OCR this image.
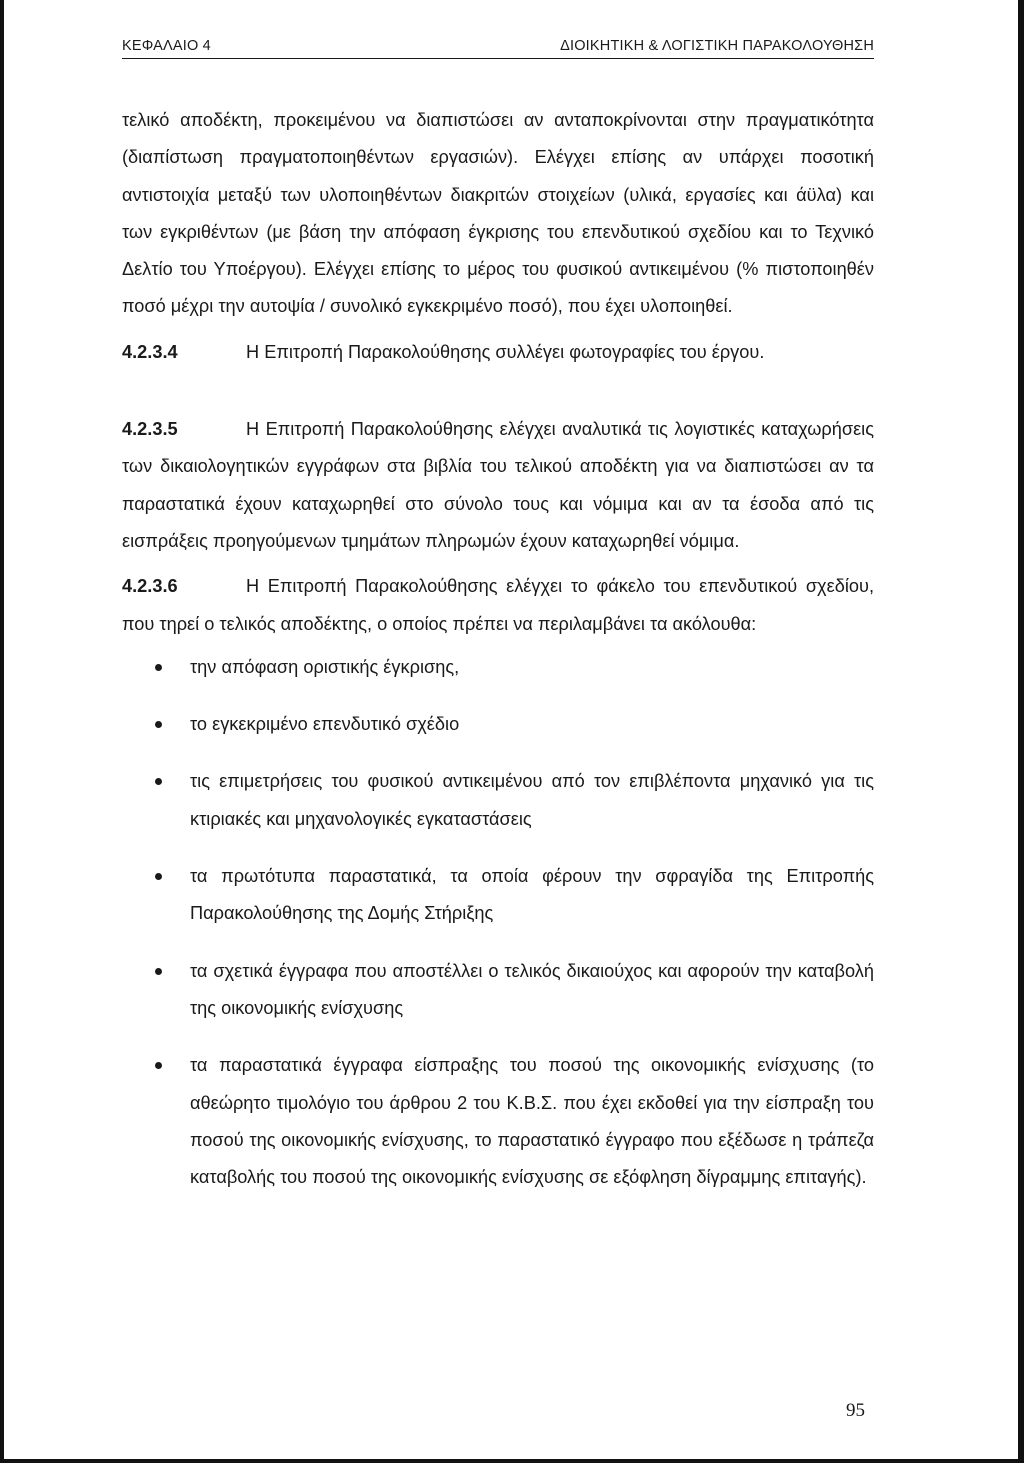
ΚΕΦΑΛΑΙΟ 4	ΔΙΟΙΚΗΤΙΚΗ & ΛΟΓΙΣΤΙΚΗ ΠΑΡΑΚΟΛΟΥΘΗΣΗ

τελικό αποδέκτη, προκειμένου να διαπιστώσει αν ανταποκρίνονται στην πραγματικότητα (διαπίστωση πραγματοποιηθέντων εργασιών). Ελέγχει επίσης αν υπάρχει ποσοτική αντιστοιχία μεταξύ των υλοποιηθέντων διακριτών στοιχείων (υλικά, εργασίες και άϋλα) και των εγκριθέντων (με βάση την απόφαση έγκρισης του επενδυτικού σχεδίου και το Τεχνικό Δελτίο του Υποέργου). Ελέγχει επίσης το μέρος του φυσικού αντικειμένου (% πιστοποιηθέν ποσό μέχρι την αυτοψία / συνολικό εγκεκριμένο ποσό), που έχει υλοποιηθεί.

4.2.3.4	Η Επιτροπή Παρακολούθησης συλλέγει φωτογραφίες του έργου.

4.2.3.5	Η Επιτροπή Παρακολούθησης ελέγχει αναλυτικά τις λογιστικές καταχωρήσεις των δικαιολογητικών εγγράφων στα βιβλία του τελικού αποδέκτη για να διαπιστώσει αν τα παραστατικά έχουν καταχωρηθεί στο σύνολο τους και νόμιμα και αν τα έσοδα από τις εισπράξεις προηγούμενων τμημάτων πληρωμών έχουν καταχωρηθεί νόμιμα.

4.2.3.6	Η Επιτροπή Παρακολούθησης ελέγχει το φάκελο του επενδυτικού σχεδίου, που τηρεί ο τελικός αποδέκτης, ο οποίος πρέπει να περιλαμβάνει τα ακόλουθα:

την απόφαση οριστικής έγκρισης,
το εγκεκριμένο επενδυτικό σχέδιο
τις επιμετρήσεις του φυσικού αντικειμένου από τον επιβλέποντα μηχανικό για τις κτιριακές και μηχανολογικές εγκαταστάσεις
τα πρωτότυπα παραστατικά, τα οποία φέρουν την σφραγίδα της Επιτροπής Παρακολούθησης της Δομής Στήριξης
τα σχετικά έγγραφα που αποστέλλει ο τελικός δικαιούχος και αφορούν την καταβολή της οικονομικής ενίσχυσης
τα παραστατικά έγγραφα είσπραξης του ποσού της οικονομικής ενίσχυσης (το αθεώρητο τιμολόγιο του άρθρου 2 του Κ.Β.Σ. που έχει εκδοθεί για την είσπραξη του ποσού της οικονομικής ενίσχυσης, το παραστατικό έγγραφο που εξέδωσε η τράπεζα καταβολής του ποσού της οικονομικής ενίσχυσης σε εξόφληση δίγραμμης επιταγής).
95
